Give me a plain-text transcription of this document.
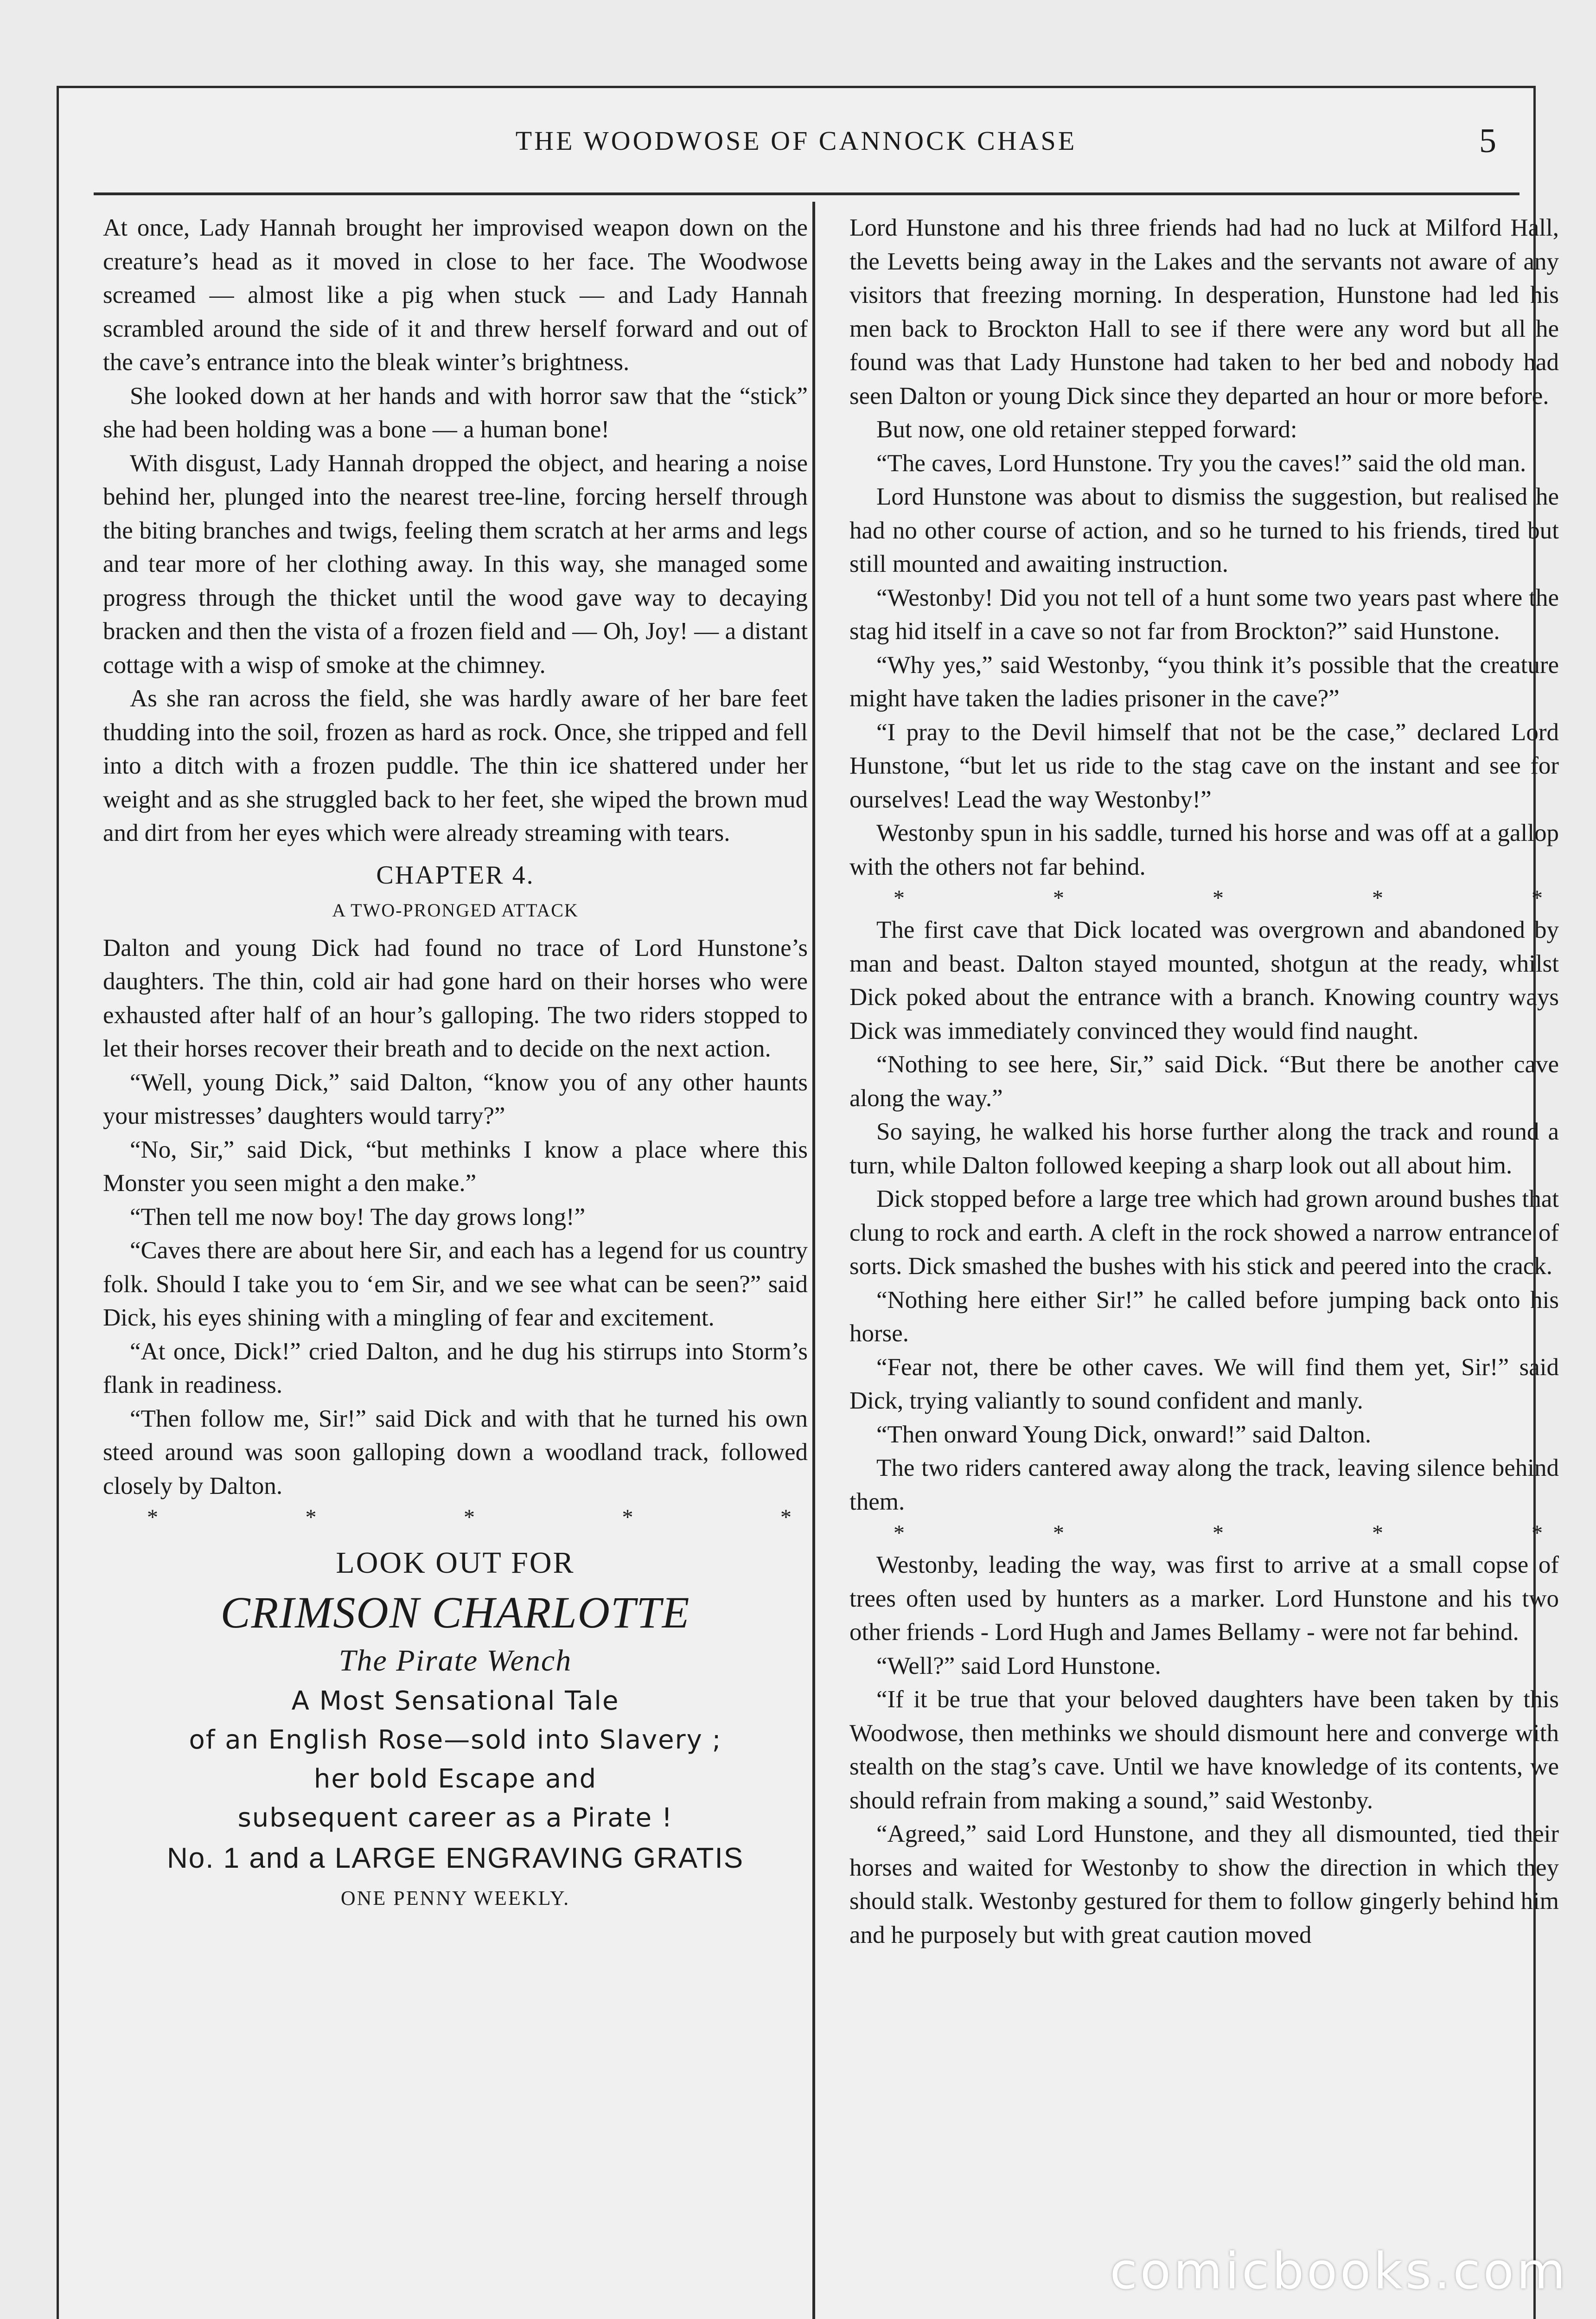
THE WOODWOSE OF CANNOCK CHASE	5

At once, Lady Hannah brought her improvised weapon down on the creature’s head as it moved in close to her face. The Woodwose screamed — almost like a pig when stuck — and Lady Hannah scrambled around the side of it and threw herself forward and out of the cave’s entrance into the bleak winter’s brightness.

She looked down at her hands and with horror saw that the “stick” she had been holding was a bone — a human bone!

With disgust, Lady Hannah dropped the object, and hearing a noise behind her, plunged into the nearest tree-line, forcing herself through the biting branches and twigs, feeling them scratch at her arms and legs and tear more of her clothing away. In this way, she managed some progress through the thicket until the wood gave way to decaying bracken and then the vista of a frozen field and — Oh, Joy! — a distant cottage with a wisp of smoke at the chimney.

As she ran across the field, she was hardly aware of her bare feet thudding into the soil, frozen as hard as rock. Once, she tripped and fell into a ditch with a frozen puddle. The thin ice shattered under her weight and as she struggled back to her feet, she wiped the brown mud and dirt from her eyes which were already streaming with tears.

CHAPTER 4.
A TWO-PRONGED ATTACK

Dalton and young Dick had found no trace of Lord Hunstone’s daughters. The thin, cold air had gone hard on their horses who were exhausted after half of an hour’s galloping. The two riders stopped to let their horses recover their breath and to decide on the next action.

“Well, young Dick,” said Dalton, “know you of any other haunts your mistresses’ daughters would tarry?”

“No, Sir,” said Dick, “but methinks I know a place where this Monster you seen might a den make.”

“Then tell me now boy! The day grows long!”

“Caves there are about here Sir, and each has a legend for us country folk. Should I take you to ‘em Sir, and we see what can be seen?” said Dick, his eyes shining with a mingling of fear and excitement.

“At once, Dick!” cried Dalton, and he dug his stirrups into Storm’s flank in readiness.

“Then follow me, Sir!” said Dick and with that he turned his own steed around was soon galloping down a woodland track, followed closely by Dalton.

*	*	*	*	*
LOOK OUT FOR
CRIMSON CHARLOTTE
The Pirate Wench
A Most Sensational Tale
of an English Rose—sold into Slavery ;
her bold Escape and
subsequent career as a Pirate !
No. 1 and a LARGE ENGRAVING GRATIS
ONE PENNY WEEKLY.

Lord Hunstone and his three friends had had no luck at Milford Hall, the Levetts being away in the Lakes and the servants not aware of any visitors that freezing morning. In desperation, Hunstone had led his men back to Brockton Hall to see if there were any word but all he found was that Lady Hunstone had taken to her bed and nobody had seen Dalton or young Dick since they departed an hour or more before.

But now, one old retainer stepped forward:

“The caves, Lord Hunstone. Try you the caves!” said the old man.

Lord Hunstone was about to dismiss the suggestion, but realised he had no other course of action, and so he turned to his friends, tired but still mounted and awaiting instruction.

“Westonby! Did you not tell of a hunt some two years past where the stag hid itself in a cave so not far from Brockton?” said Hunstone.

“Why yes,” said Westonby, “you think it’s possible that the creature might have taken the ladies prisoner in the cave?”

“I pray to the Devil himself that not be the case,” declared Lord Hunstone, “but let us ride to the stag cave on the instant and see for ourselves! Lead the way Westonby!”

Westonby spun in his saddle, turned his horse and was off at a gallop with the others not far behind.

*	*	*	*	*

The first cave that Dick located was overgrown and abandoned by man and beast. Dalton stayed mounted, shotgun at the ready, whilst Dick poked about the entrance with a branch. Knowing country ways Dick was immediately convinced they would find naught.

“Nothing to see here, Sir,” said Dick. “But there be another cave along the way.”

So saying, he walked his horse further along the track and round a turn, while Dalton followed keeping a sharp look out all about him.

Dick stopped before a large tree which had grown around bushes that clung to rock and earth. A cleft in the rock showed a narrow entrance of sorts. Dick smashed the bushes with his stick and peered into the crack.

“Nothing here either Sir!” he called before jumping back onto his horse.

“Fear not, there be other caves. We will find them yet, Sir!” said Dick, trying valiantly to sound confident and manly.

“Then onward Young Dick, onward!” said Dalton.

The two riders cantered away along the track, leaving silence behind them.

*	*	*	*	*

Westonby, leading the way, was first to arrive at a small copse of trees often used by hunters as a marker. Lord Hunstone and his two other friends - Lord Hugh and James Bellamy - were not far behind.

“Well?” said Lord Hunstone.

“If it be true that your beloved daughters have been taken by this Woodwose, then methinks we should dismount here and converge with stealth on the stag’s cave. Until we have knowledge of its contents, we should refrain from making a sound,” said Westonby.

“Agreed,” said Lord Hunstone, and they all dismounted, tied their horses and waited for Westonby to show the direction in which they should stalk. Westonby gestured for them to follow gingerly behind him and he purposely but with great caution moved

comicbooks.com
